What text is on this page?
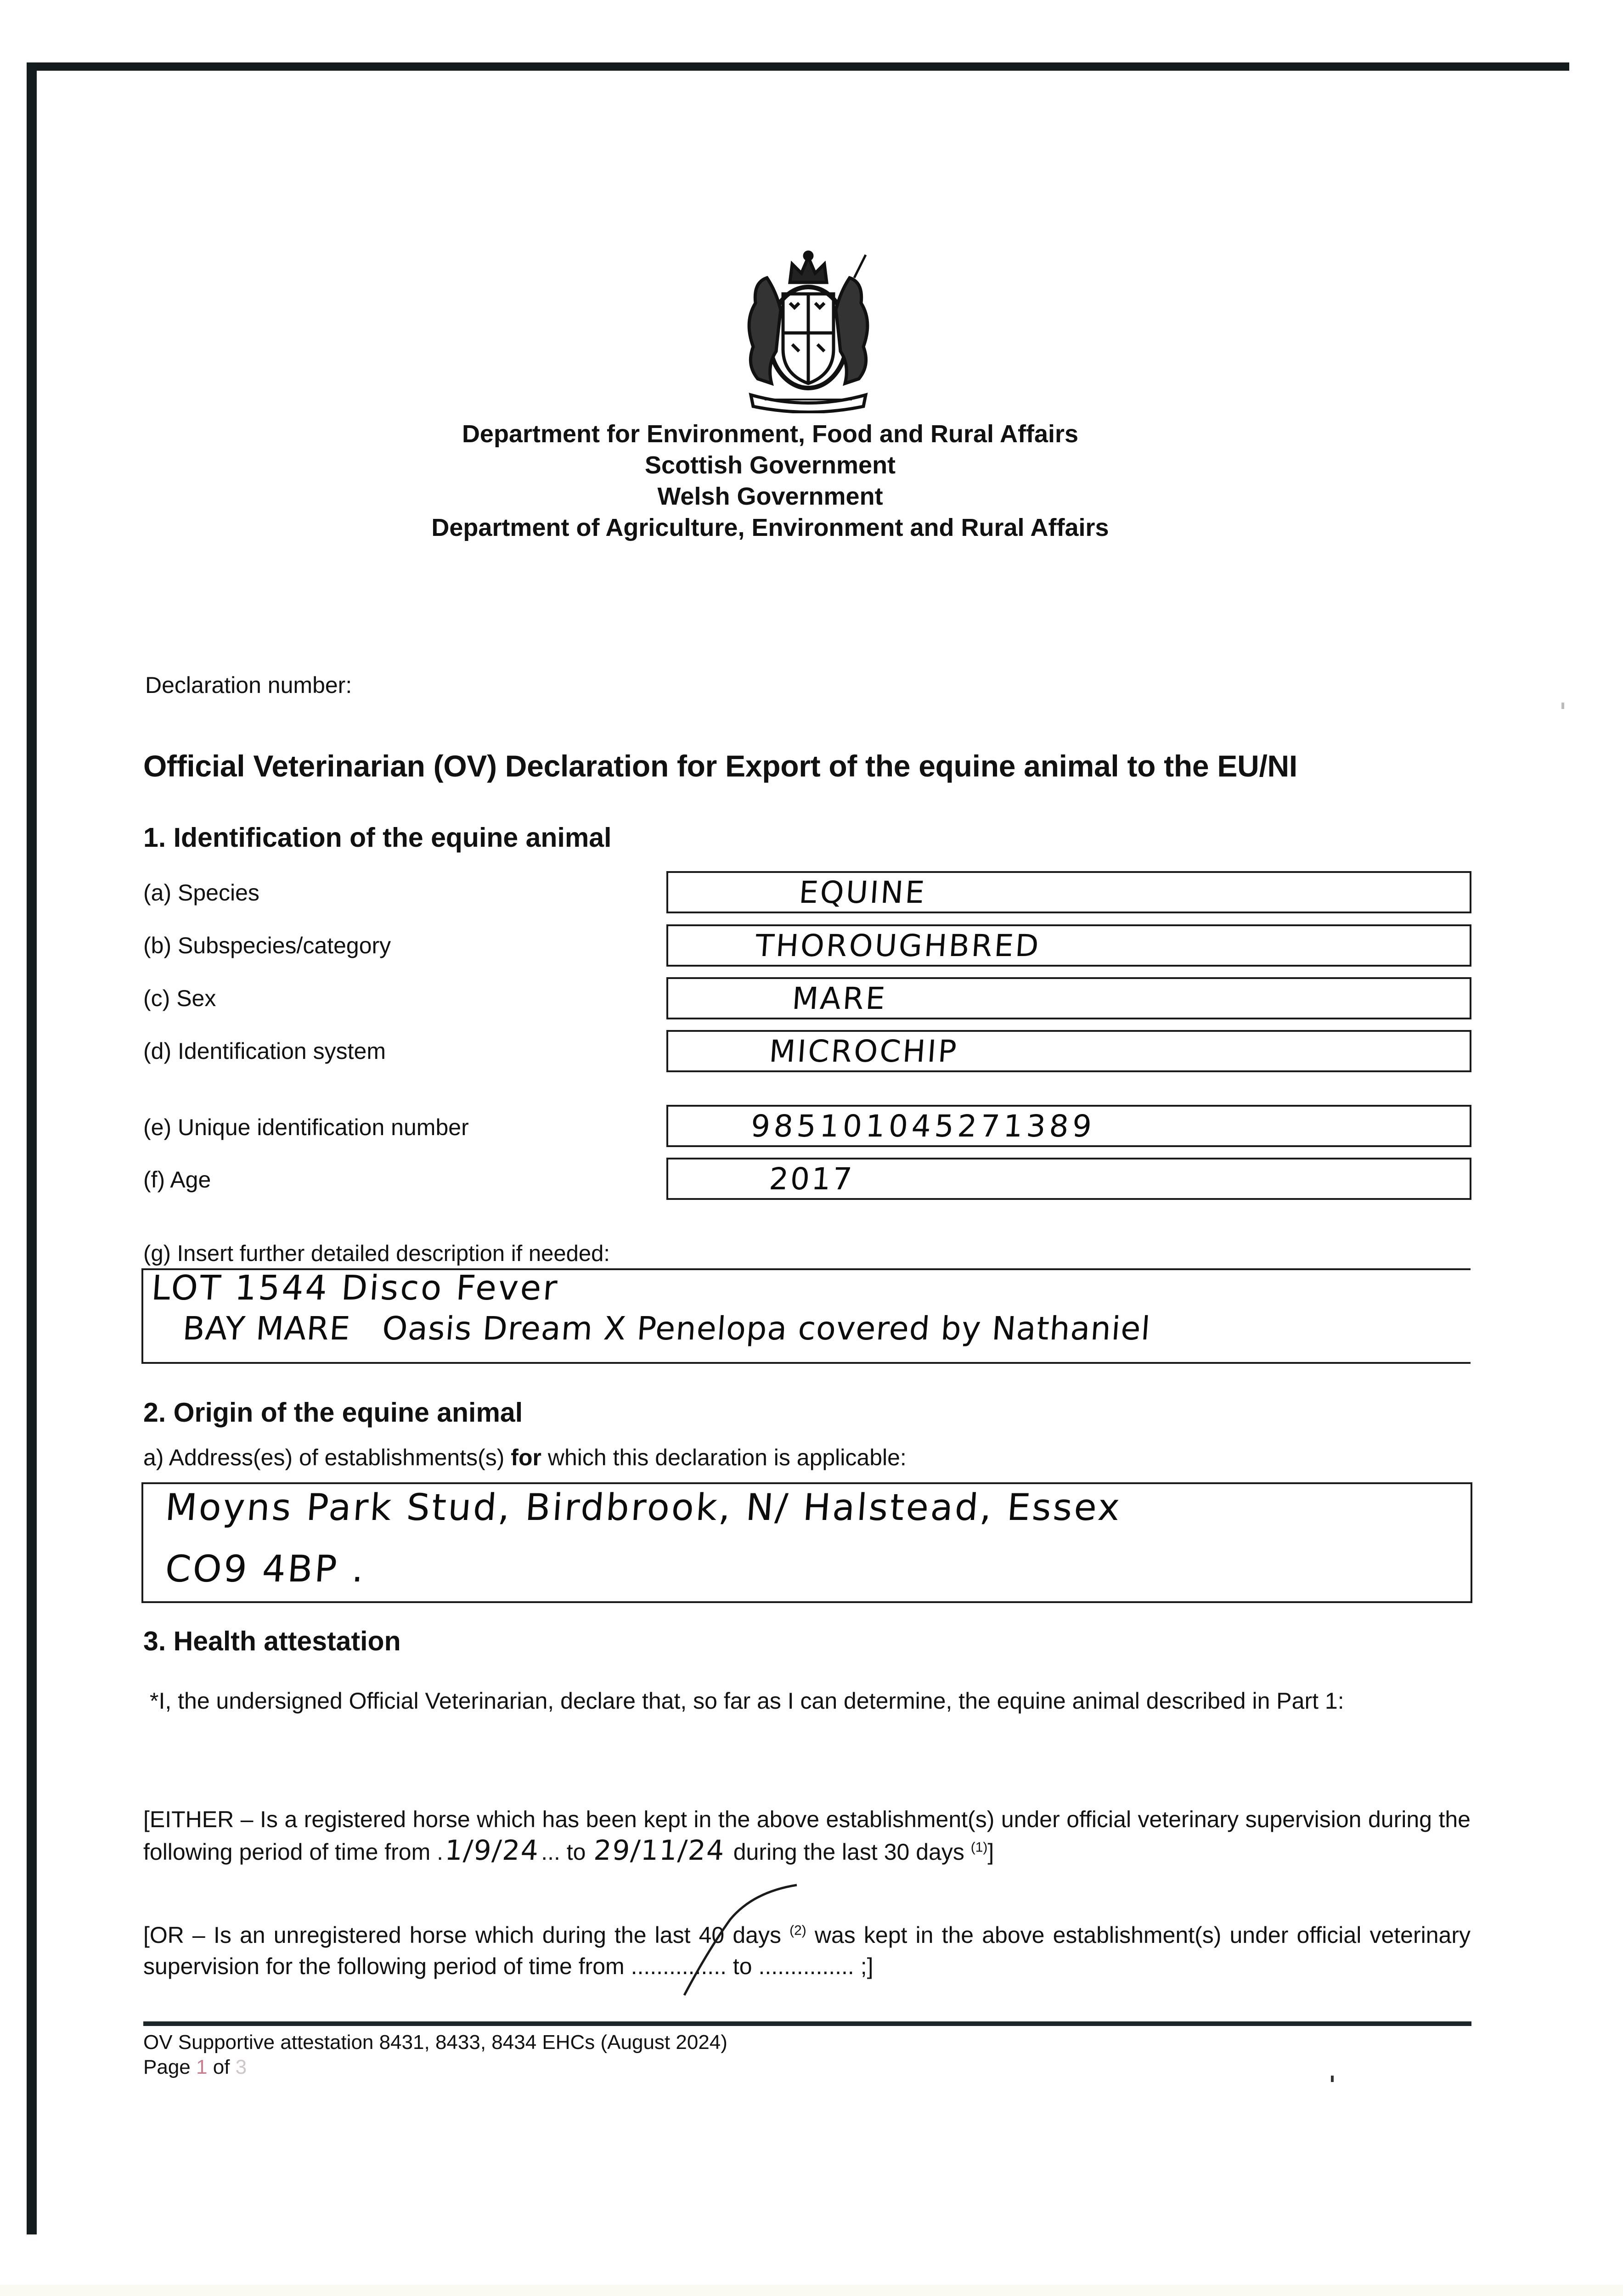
Department for Environment, Food and Rural Affairs
Scottish Government
Welsh Government
Department of Agriculture, Environment and Rural Affairs
Declaration number:
Official Veterinarian (OV) Declaration for Export of the equine animal to the EU/NI
1. Identification of the equine animal
(a) Species	EQUINE
(b) Subspecies/category	THOROUGHBRED
(c) Sex	MARE
(d) Identification system	MICROCHIP
(e) Unique identification number	985101045271389
(f) Age	2017
(g) Insert further detailed description if needed:
LOT 1544 Disco Fever
BAY MARE   Oasis Dream X Penelopa covered by Nathaniel
2. Origin of the equine animal
a) Address(es) of establishments(s) for which this declaration is applicable:
Moyns Park Stud, Birdbrook, N/ Halstead, Essex
CO9 4BP .
3. Health attestation
*I, the undersigned Official Veterinarian, declare that, so far as I can determine, the equine animal described in Part 1:
[EITHER – Is a registered horse which has been kept in the above establishment(s) under official veterinary supervision during the following period of time from .1/9/24... to 29/11/24 during the last 30 days $^{(1)}$]
[OR – Is an unregistered horse which during the last 40 days $^{(2)}$ was kept in the above establishment(s) under official veterinary supervision for the following period of time from ............... to ............... ;]
OV Supportive attestation 8431, 8433, 8434 EHCs (August 2024)
Page 1 of 3
